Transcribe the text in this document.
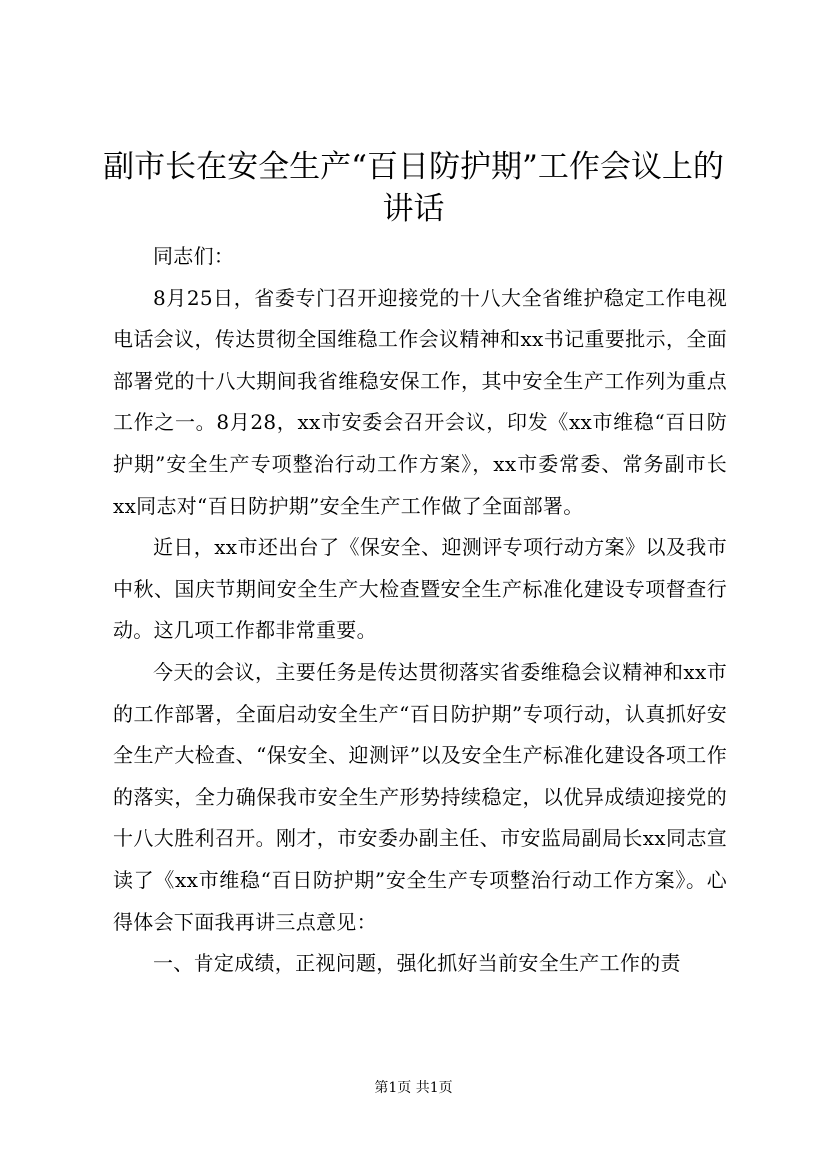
副市长在安全生产“百日防护期”工作会议上的讲话

同志们：

8月25日，省委专门召开迎接党的十八大全省维护稳定工作电视电话会议，传达贯彻全国维稳工作会议精神和xx书记重要批示，全面部署党的十八大期间我省维稳安保工作，其中安全生产工作列为重点工作之一。8月28，xx市安委会召开会议，印发《xx市维稳“百日防护期”安全生产专项整治行动工作方案》，xx市委常委、常务副市长xx同志对“百日防护期”安全生产工作做了全面部署。

近日，xx市还出台了《保安全、迎测评专项行动方案》以及我市中秋、国庆节期间安全生产大检查暨安全生产标准化建设专项督查行动。这几项工作都非常重要。

今天的会议，主要任务是传达贯彻落实省委维稳会议精神和xx市的工作部署，全面启动安全生产“百日防护期”专项行动，认真抓好安全生产大检查、“保安全、迎测评”以及安全生产标准化建设各项工作的落实，全力确保我市安全生产形势持续稳定，以优异成绩迎接党的十八大胜利召开。刚才，市安委办副主任、市安监局副局长xx同志宣读了《xx市维稳“百日防护期”安全生产专项整治行动工作方案》。心得体会下面我再讲三点意见：

一、肯定成绩，正视问题，强化抓好当前安全生产工作的责

第1页 共1页
